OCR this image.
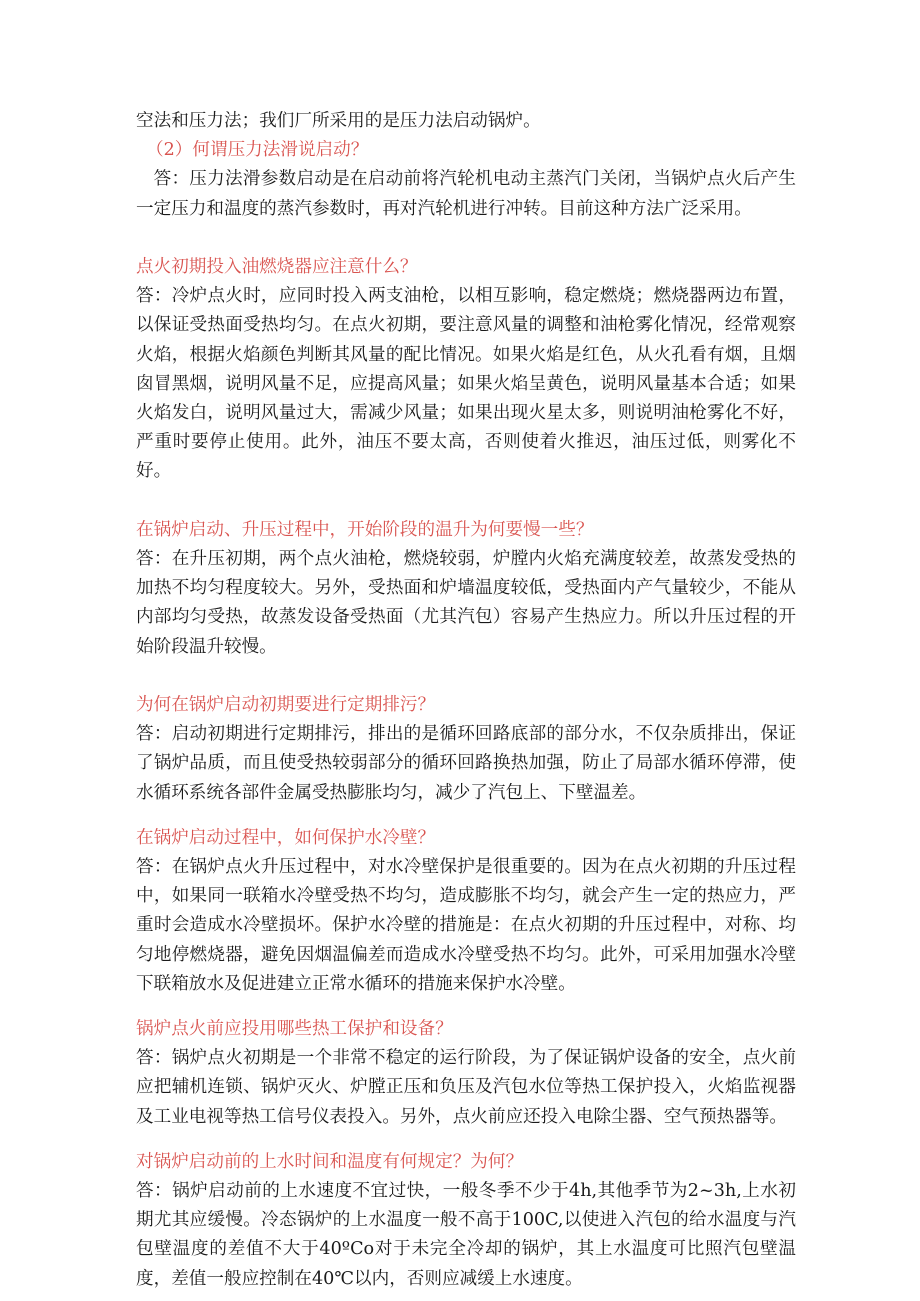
空法和压力法；我们厂所采用的是压力法启动锅炉。

（2）何谓压力法滑说启动？

答：压力法滑参数启动是在启动前将汽轮机电动主蒸汽门关闭，当锅炉点火后产生一定压力和温度的蒸汽参数时，再对汽轮机进行冲转。目前这种方法广泛采用。

点火初期投入油燃烧器应注意什么？

答：冷炉点火时，应同时投入两支油枪，以相互影响，稳定燃烧；燃烧器两边布置，以保证受热面受热均匀。在点火初期，要注意风量的调整和油枪雾化情况，经常观察火焰，根据火焰颜色判断其风量的配比情况。如果火焰是红色，从火孔看有烟，且烟囱冒黑烟，说明风量不足，应提高风量；如果火焰呈黄色，说明风量基本合适；如果火焰发白，说明风量过大，需减少风量；如果出现火星太多，则说明油枪雾化不好，严重时要停止使用。此外，油压不要太高，否则使着火推迟，油压过低，则雾化不好。

在锅炉启动、升压过程中，开始阶段的温升为何要慢一些？

答：在升压初期，两个点火油枪，燃烧较弱，炉膛内火焰充满度较差，故蒸发受热的加热不均匀程度较大。另外，受热面和炉墙温度较低，受热面内产气量较少，不能从内部均匀受热，故蒸发设备受热面（尤其汽包）容易产生热应力。所以升压过程的开始阶段温升较慢。

为何在锅炉启动初期要进行定期排污？

答：启动初期进行定期排污，排出的是循环回路底部的部分水，不仅杂质排出，保证了锅炉品质，而且使受热较弱部分的循环回路换热加强，防止了局部水循环停滞，使水循环系统各部件金属受热膨胀均匀，减少了汽包上、下壁温差。

在锅炉启动过程中，如何保护水冷壁？

答：在锅炉点火升压过程中，对水冷壁保护是很重要的。因为在点火初期的升压过程中，如果同一联箱水冷壁受热不均匀，造成膨胀不均匀，就会产生一定的热应力，严重时会造成水冷壁损坏。保护水冷壁的措施是：在点火初期的升压过程中，对称、均匀地停燃烧器，避免因烟温偏差而造成水冷壁受热不均匀。此外，可采用加强水冷壁下联箱放水及促进建立正常水循环的措施来保护水冷壁。

锅炉点火前应投用哪些热工保护和设备？

答：锅炉点火初期是一个非常不稳定的运行阶段，为了保证锅炉设备的安全，点火前应把辅机连锁、锅炉灭火、炉膛正压和负压及汽包水位等热工保护投入，火焰监视器及工业电视等热工信号仪表投入。另外，点火前应还投入电除尘器、空气预热器等。

对锅炉启动前的上水时间和温度有何规定？为何？

答：锅炉启动前的上水速度不宜过快，一般冬季不少于4h,其他季节为2~3h,上水初期尤其应缓慢。冷态锅炉的上水温度一般不高于100C,以使进入汽包的给水温度与汽包壁温度的差值不大于40ºCo对于未完全冷却的锅炉，其上水温度可比照汽包壁温度，差值一般应控制在40℃以内，否则应减缓上水速度。
